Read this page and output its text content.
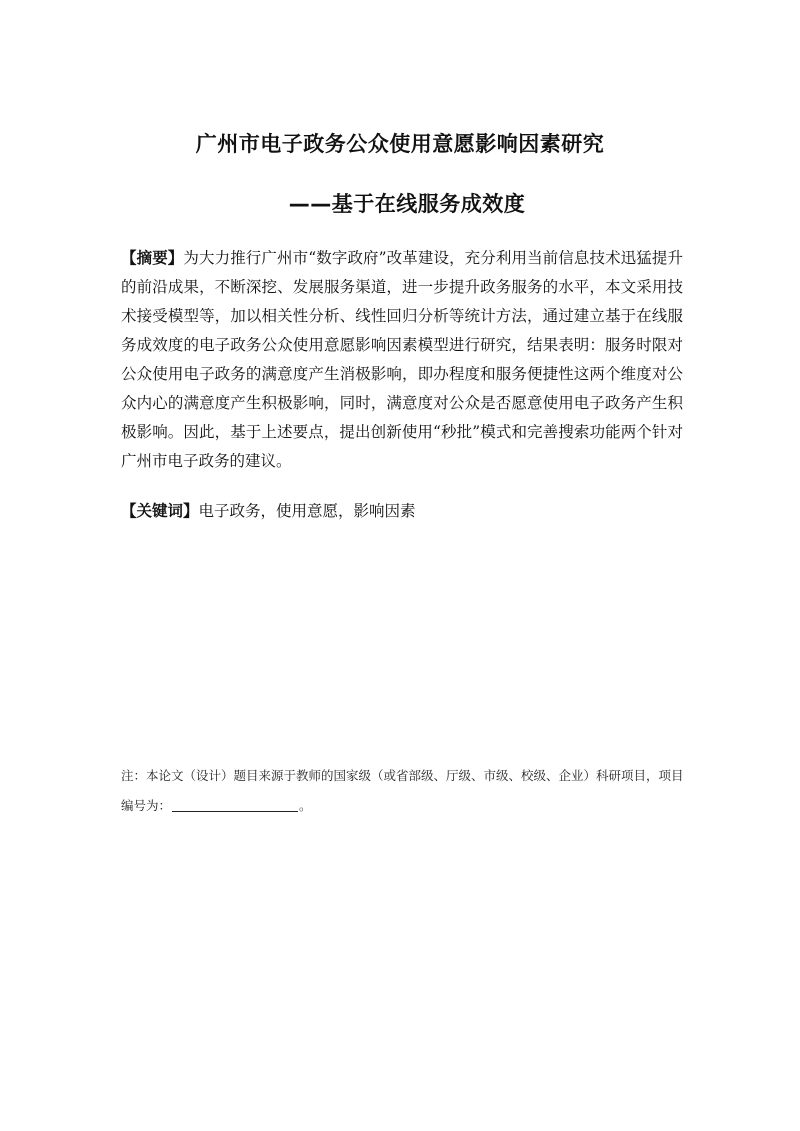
广州市电子政务公众使用意愿影响因素研究
——基于在线服务成效度

【摘要】为大力推行广州市“数字政府”改革建设，充分利用当前信息技术迅猛提升的前沿成果，不断深挖、发展服务渠道，进一步提升政务服务的水平，本文采用技术接受模型等，加以相关性分析、线性回归分析等统计方法，通过建立基于在线服务成效度的电子政务公众使用意愿影响因素模型进行研究，结果表明：服务时限对公众使用电子政务的满意度产生消极影响，即办程度和服务便捷性这两个维度对公众内心的满意度产生积极影响，同时，满意度对公众是否愿意使用电子政务产生积极影响。因此，基于上述要点，提出创新使用“秒批”模式和完善搜索功能两个针对广州市电子政务的建议。

【关键词】电子政务，使用意愿，影响因素

注：本论文（设计）题目来源于教师的国家级（或省部级、厅级、市级、校级、企业）科研项目，项目编号为：	。
